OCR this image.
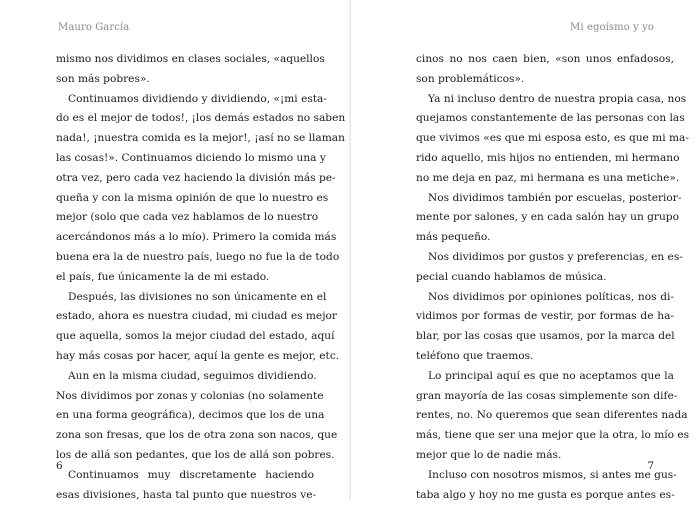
Mauro García
mismo nos dividimos en clases sociales, «aquellos
son más pobres».
Continuamos dividiendo y dividiendo, «¡mi esta-
do es el mejor de todos!, ¡los demás estados no saben
nada!, ¡nuestra comida es la mejor!, ¡así no se llaman
las cosas!». Continuamos diciendo lo mismo una y
otra vez, pero cada vez haciendo la división más pe-
queña y con la misma opinión de que lo nuestro es
mejor (solo que cada vez hablamos de lo nuestro
acercándonos más a lo mío). Primero la comida más
buena era la de nuestro país, luego no fue la de todo
el país, fue únicamente la de mi estado.
Después, las divisiones no son únicamente en el
estado, ahora es nuestra ciudad, mi ciudad es mejor
que aquella, somos la mejor ciudad del estado, aquí
hay más cosas por hacer, aquí la gente es mejor, etc.
Aun en la misma ciudad, seguimos dividiendo.
Nos dividimos por zonas y colonias (no solamente
en una forma geográfica), decimos que los de una
zona son fresas, que los de otra zona son nacos, que
los de allá son pedantes, que los de allá son pobres.
Continuamos muy discretamente haciendo
esas divisiones, hasta tal punto que nuestros ve-
6
Mi egoísmo y yo
cinos no nos caen bien, «son unos enfadosos,
son problemáticos».
Ya ni incluso dentro de nuestra propia casa, nos
quejamos constantemente de las personas con las
que vivimos «es que mi esposa esto, es que mi ma-
rido aquello, mis hijos no entienden, mi hermano
no me deja en paz, mi hermana es una metiche».
Nos dividimos también por escuelas, posterior-
mente por salones, y en cada salón hay un grupo
más pequeño.
Nos dividimos por gustos y preferencias, en es-
pecial cuando hablamos de música.
Nos dividimos por opiniones políticas, nos di-
vidimos por formas de vestir, por formas de ha-
blar, por las cosas que usamos, por la marca del
teléfono que traemos.
Lo principal aquí es que no aceptamos que la
gran mayoría de las cosas simplemente son dife-
rentes, no. No queremos que sean diferentes nada
más, tiene que ser una mejor que la otra, lo mío es
mejor que lo de nadie más.
Incluso con nosotros mismos, si antes me gus-
taba algo y hoy no me gusta es porque antes es-
7
